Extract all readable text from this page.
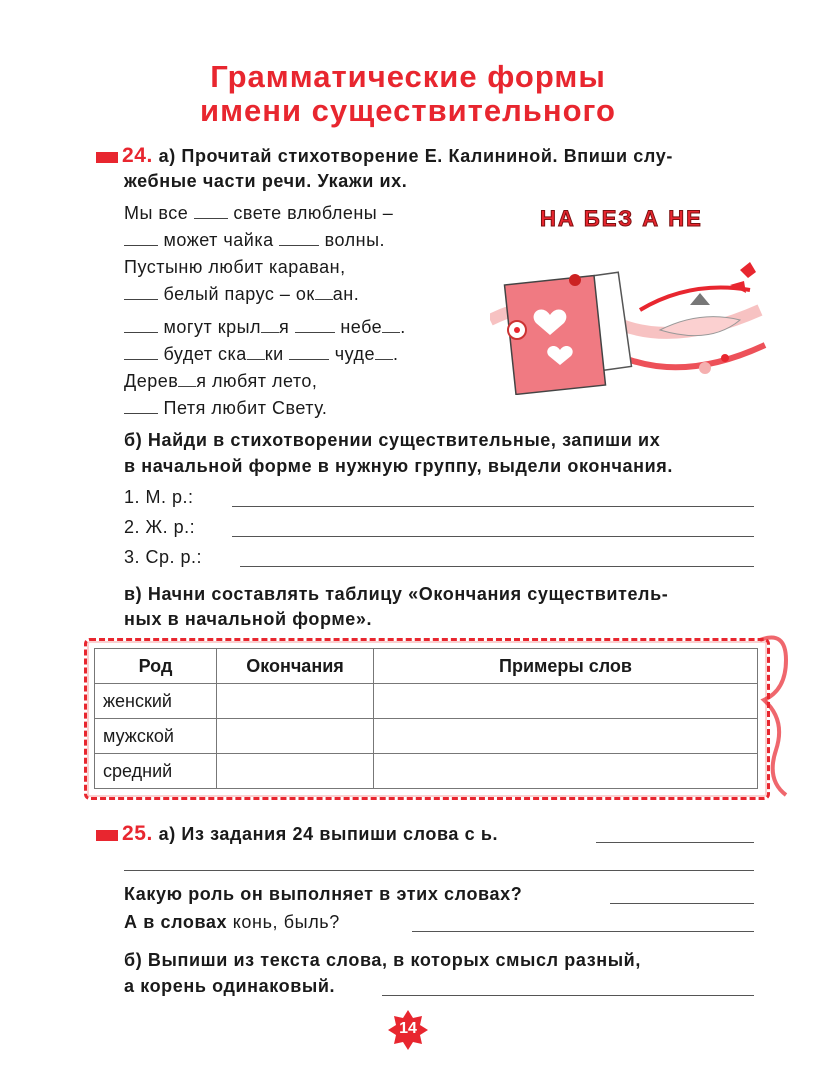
Грамматические формы
имени существительного
24. а) Прочитай стихотворение Е. Калининой. Впиши слу-
жебные части речи. Укажи их.
Мы все	свете влюблены –
может чайка	волны.
Пустыню любит караван,
белый парус – ок ан.
могут крыл я	небе .
будет ска ки	чуде .
Дерев я любят лето,
Петя любит Свету.
НА БЕЗ А НЕ
б) Найди в стихотворении существительные, запиши их
в начальной форме в нужную группу, выдели окончания.
1. М. р.:
2. Ж. р.:
3. Ср. р.:
в) Начни составлять таблицу «Окончания существитель-
ных в начальной форме».
Род	Окончания	Примеры слов
женский		
мужской		
средний		
25. а) Из задания 24 выпиши слова с ь.
Какую роль он выполняет в этих словах?
А в словах конь, быль?
б) Выпиши из текста слова, в которых смысл разный,
а корень одинаковый.
14
